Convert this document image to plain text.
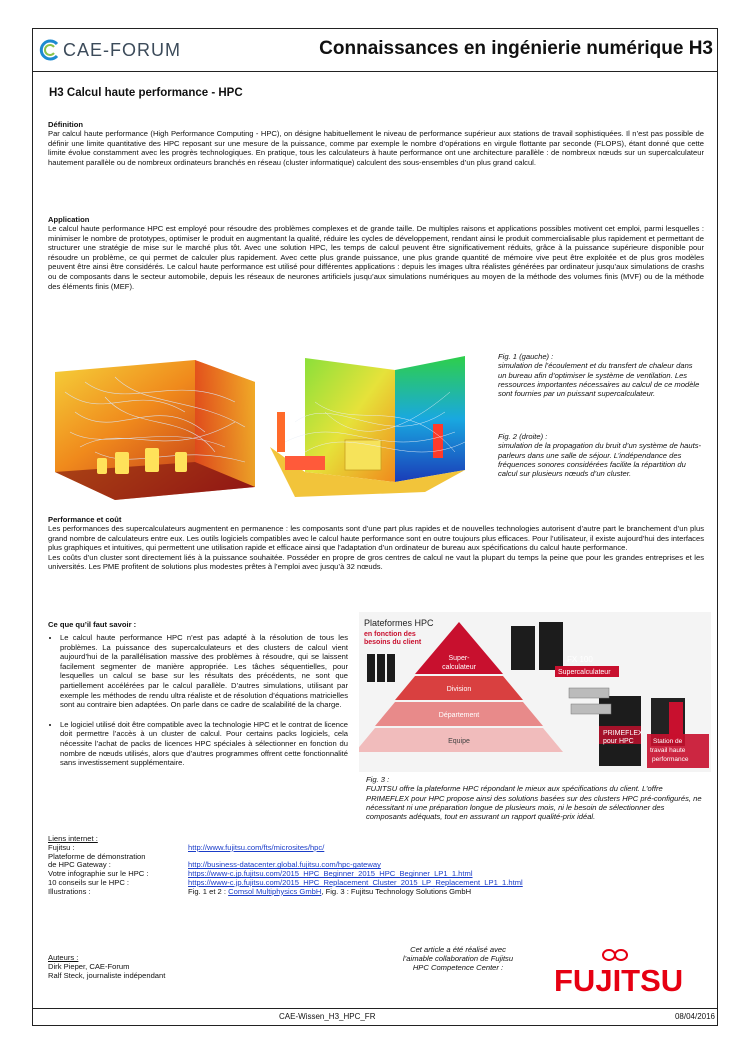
CAE-FORUM	Connaissances en ingénierie numérique H3
H3 Calcul haute performance - HPC

Définition

Par calcul haute performance (High Performance Computing - HPC), on désigne habituellement le niveau de performance supérieur aux stations de travail sophistiquées. Il n’est pas possible de définir une limite quantitative des HPC reposant sur une mesure de la puissance, comme par exemple le nombre d’opérations en virgule flottante par seconde (FLOPS), étant donné que cette limite évolue constamment avec les progrès technologiques. En pratique, tous les calculateurs à haute performance ont une architecture parallèle : de nombreux nœuds sur un supercalculateur hautement parallèle ou de nombreux ordinateurs branchés en réseau (cluster informatique) calculent des sous-ensembles d’un plus grand calcul.

Application

Le calcul haute performance HPC est employé pour résoudre des problèmes complexes et de grande taille. De multiples raisons et applications possibles motivent cet emploi, parmi lesquelles : minimiser le nombre de prototypes, optimiser le produit en augmentant la qualité, réduire les cycles de développement, rendant ainsi le produit commercialisable plus rapidement et permettant de structurer une stratégie de mise sur le marché plus tôt. Avec une solution HPC, les temps de calcul peuvent être significativement réduits, grâce à la puissance supérieure disponible pour résoudre un problème, ce qui permet de calculer plus rapidement. Avec cette plus grande puissance, une plus grande quantité de mémoire vive peut être exploitée et de plus gros modèles peuvent être ainsi être considérés. Le calcul haute performance est utilisé pour différentes applications : depuis les images ultra réalistes générées par ordinateur jusqu’aux simulations de crashs ou de composants dans le secteur automobile, depuis les réseaux de neurones artificiels jusqu’aux simulations numériques au moyen de la méthode des volumes finis (MVF) ou de la méthode des éléments finis (MEF).

Fig. 1 (gauche) :
simulation de l’écoulement et du transfert de chaleur dans un bureau afin d’optimiser le système de ventilation. Les ressources importantes nécessaires au calcul de ce modèle sont fournies par un puissant supercalculateur.
Fig. 2 (droite) :
simulation de la propagation du bruit d’un système de hauts-parleurs dans une salle de séjour. L’indépendance des fréquences sonores considérées facilite la répartition du calcul sur plusieurs nœuds d’un cluster.

Performance et coût

Les performances des supercalculateurs augmentent en permanence : les composants sont d’une part plus rapides et de nouvelles technologies autorisent d’autre part le branchement d’un plus grand nombre de calculateurs entre eux. Les outils logiciels compatibles avec le calcul haute performance sont en outre toujours plus efficaces. Pour l’utilisateur, il existe aujourd’hui des interfaces plus graphiques et intuitives, qui permettent une utilisation rapide et efficace ainsi que l’adaptation d’un ordinateur de bureau aux spécifications du calcul haute performance.

Les coûts d’un cluster sont directement liés à la puissance souhaitée. Posséder en propre de gros centres de calcul ne vaut la plupart du temps la peine que pour les grandes entreprises et les universités. Les PME profitent de solutions plus modestes prêtes à l’emploi avec jusqu’à 32 nœuds.

Ce que qu’il faut savoir :

• Le calcul haute performance HPC n’est pas adapté à la résolution de tous les problèmes. La puissance des supercalculateurs et des clusters de calcul vient aujourd’hui de la parallélisation massive des problèmes à résoudre, qui se laissent facilement segmenter de manière appropriée. Les tâches séquentielles, pour lesquelles un calcul se base sur les résultats des précédents, ne sont que partiellement accélérées par le calcul parallèle. D’autres simulations, utilisant par exemple les méthodes de rendu ultra réaliste et de résolution d’équations matricielles sont au contraire bien adaptées. On parle dans ce cadre de scalabilité de la charge.
• Le logiciel utilisé doit être compatible avec la technologie HPC et le contrat de licence doit permettre l’accès à un cluster de calcul. Pour certains packs logiciels, cela nécessite l’achat de packs de licences HPC spéciales à sélectionner en fonction du nombre de nœuds utilisés, alors que d’autres programmes offrent cette fonctionnalité sans investissement supplémentaire.
Plateformes HPC
en fonction des
besoins du client
Super-
calculateur
Division
Département
Equipe
FX 100
Supercalculateur
PRIMEFLEX
pour HPC	Station de
travail haute
performance
Fig. 3 :
FUJITSU offre la plateforme HPC répondant le mieux aux spécifications du client. L’offre PRIMEFLEX pour HPC propose ainsi des solutions basées sur des clusters HPC pré-configurés, ne nécessitant ni une préparation longue de plusieurs mois, ni le besoin de sélectionner des composants adéquats, tout en assurant un rapport qualité-prix idéal.
Liens internet :
Fujitsu :	http://www.fujitsu.com/fts/microsites/hpc/
Plateforme de démonstration	
de HPC Gateway :	http://business-datacenter.global.fujitsu.com/hpc-gateway
Votre infographie sur le HPC :	https://www-c.jp.fujitsu.com/2015_HPC_Beginner_2015_HPC_Beginner_LP1_1.html
10 conseils sur le HPC :	https://www-c.jp.fujitsu.com/2015_HPC_Replacement_Cluster_2015_LP_Replacement_LP1_1.html
Illustrations :	Fig. 1 et 2 : Comsol Multiphysics GmbH, Fig. 3 : Fujitsu Technology Solutions GmbH
Auteurs :
Dirk Pieper, CAE-Forum
Ralf Steck, journaliste indépendant
Cet article a été réalisé avec
l’aimable collaboration de Fujitsu
HPC Competence Center :	FUJITSU
CAE-Wissen_H3_HPC_FR	08/04/2016
